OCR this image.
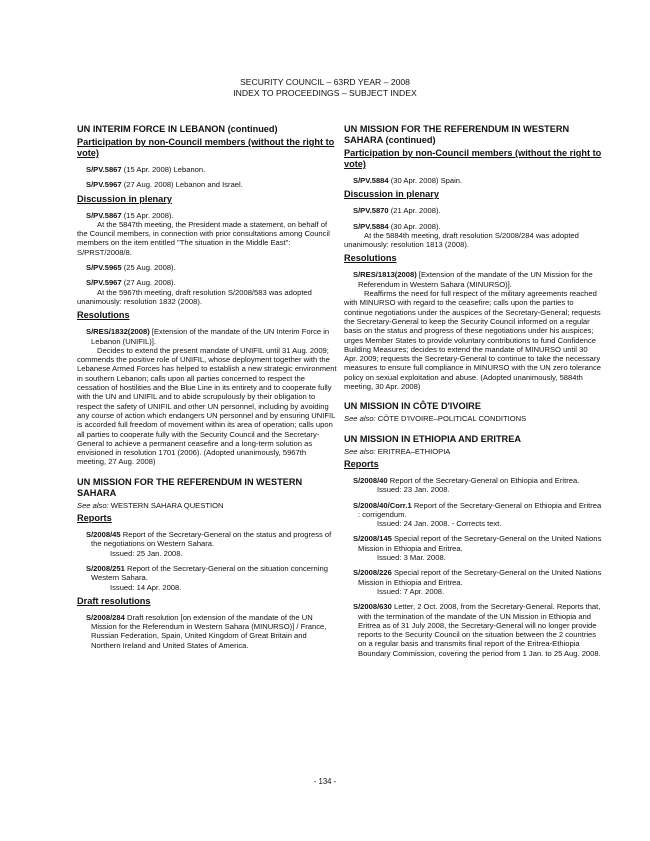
SECURITY COUNCIL – 63RD YEAR – 2008
INDEX TO PROCEEDINGS – SUBJECT INDEX
UN INTERIM FORCE IN LEBANON (continued)
Participation by non-Council members (without the right to vote)
S/PV.5867 (15 Apr. 2008) Lebanon.
S/PV.5967 (27 Aug. 2008) Lebanon and Israel.
Discussion in plenary
S/PV.5867 (15 Apr. 2008).

At the 5847th meeting, the President made a statement, on behalf of the Council members, in connection with prior consultations among Council members on the item entitled "The situation in the Middle East": S/PRST/2008/8.

S/PV.5965 (25 Aug. 2008).
S/PV.5967 (27 Aug. 2008).

At the 5967th meeting, draft resolution S/2008/583 was adopted unanimously: resolution 1832 (2008).

Resolutions
S/RES/1832(2008) [Extension of the mandate of the UN Interim Force in Lebanon (UNIFIL)].

Decides to extend the present mandate of UNIFIL until 31 Aug. 2009; commends the positive role of UNIFIL, whose deployment together with the Lebanese Armed Forces has helped to establish a new strategic environment in southern Lebanon; calls upon all parties concerned to respect the cessation of hostilities and the Blue Line in its entirety and to cooperate fully with the UN and UNIFIL and to abide scrupulously by their obligation to respect the safety of UNIFIL and other UN personnel, including by avoiding any course of action which endangers UN personnel and by ensuring UNIFIL is accorded full freedom of movement within its area of operation; calls upon all parties to cooperate fully with the Security Council and the Secretary-General to achieve a permanent ceasefire and a long-term solution as envisioned in resolution 1701 (2006). (Adopted unanimously, 5967th meeting, 27 Aug. 2008)

UN MISSION FOR THE REFERENDUM IN WESTERN SAHARA
See also: WESTERN SAHARA QUESTION
Reports
S/2008/45 Report of the Secretary-General on the status and progress of the negotiations on Western Sahara.

Issued: 25 Jan. 2008.

S/2008/251 Report of the Secretary-General on the situation concerning Western Sahara.

Issued: 14 Apr. 2008.

Draft resolutions
S/2008/284 Draft resolution [on extension of the mandate of the UN Mission for the Referendum in Western Sahara (MINURSO)] / France, Russian Federation, Spain, United Kingdom of Great Britain and Northern Ireland and United States of America.
UN MISSION FOR THE REFERENDUM IN WESTERN SAHARA (continued)
Participation by non-Council members (without the right to vote)
S/PV.5884 (30 Apr. 2008) Spain.
Discussion in plenary
S/PV.5870 (21 Apr. 2008).
S/PV.5884 (30 Apr. 2008).

At the 5884th meeting, draft resolution S/2008/284 was adopted unanimously: resolution 1813 (2008).

Resolutions
S/RES/1813(2008) [Extension of the mandate of the UN Mission for the Referendum in Western Sahara (MINURSO)].

Reaffirms the need for full respect of the military agreements reached with MINURSO with regard to the ceasefire; calls upon the parties to continue negotiations under the auspices of the Secretary-General; requests the Secretary-General to keep the Security Council informed on a regular basis on the status and progress of these negotiations under his auspices; urges Member States to provide voluntary contributions to fund Confidence Building Measures; decides to extend the mandate of MINURSO until 30 Apr. 2009; requests the Secretary-General to continue to take the necessary measures to ensure full compliance in MINURSO with the UN zero tolerance policy on sexual exploitation and abuse. (Adopted unanimously, 5884th meeting, 30 Apr. 2008)

UN MISSION IN CÔTE D'IVOIRE
See also: CÔTE D'IVOIRE–POLITICAL CONDITIONS
UN MISSION IN ETHIOPIA AND ERITREA
See also: ERITREA–ETHIOPIA
Reports
S/2008/40 Report of the Secretary-General on Ethiopia and Eritrea.

Issued: 23 Jan. 2008.

S/2008/40/Corr.1 Report of the Secretary-General on Ethiopia and Eritrea : corrigendum.

Issued: 24 Jan. 2008. - Corrects text.

S/2008/145 Special report of the Secretary-General on the United Nations Mission in Ethiopia and Eritrea.

Issued: 3 Mar. 2008.

S/2008/226 Special report of the Secretary-General on the United Nations Mission in Ethiopia and Eritrea.

Issued: 7 Apr. 2008.

S/2008/630 Letter, 2 Oct. 2008, from the Secretary-General. Reports that, with the termination of the mandate of the UN Mission in Ethiopia and Eritrea as of 31 July 2008, the Secretary-General will no longer provide reports to the Security Council on the situation between the 2 countries on a regular basis and transmits final report of the Eritrea-Ethiopia Boundary Commission, covering the period from 1 Jan. to 25 Aug. 2008.
- 134 -
